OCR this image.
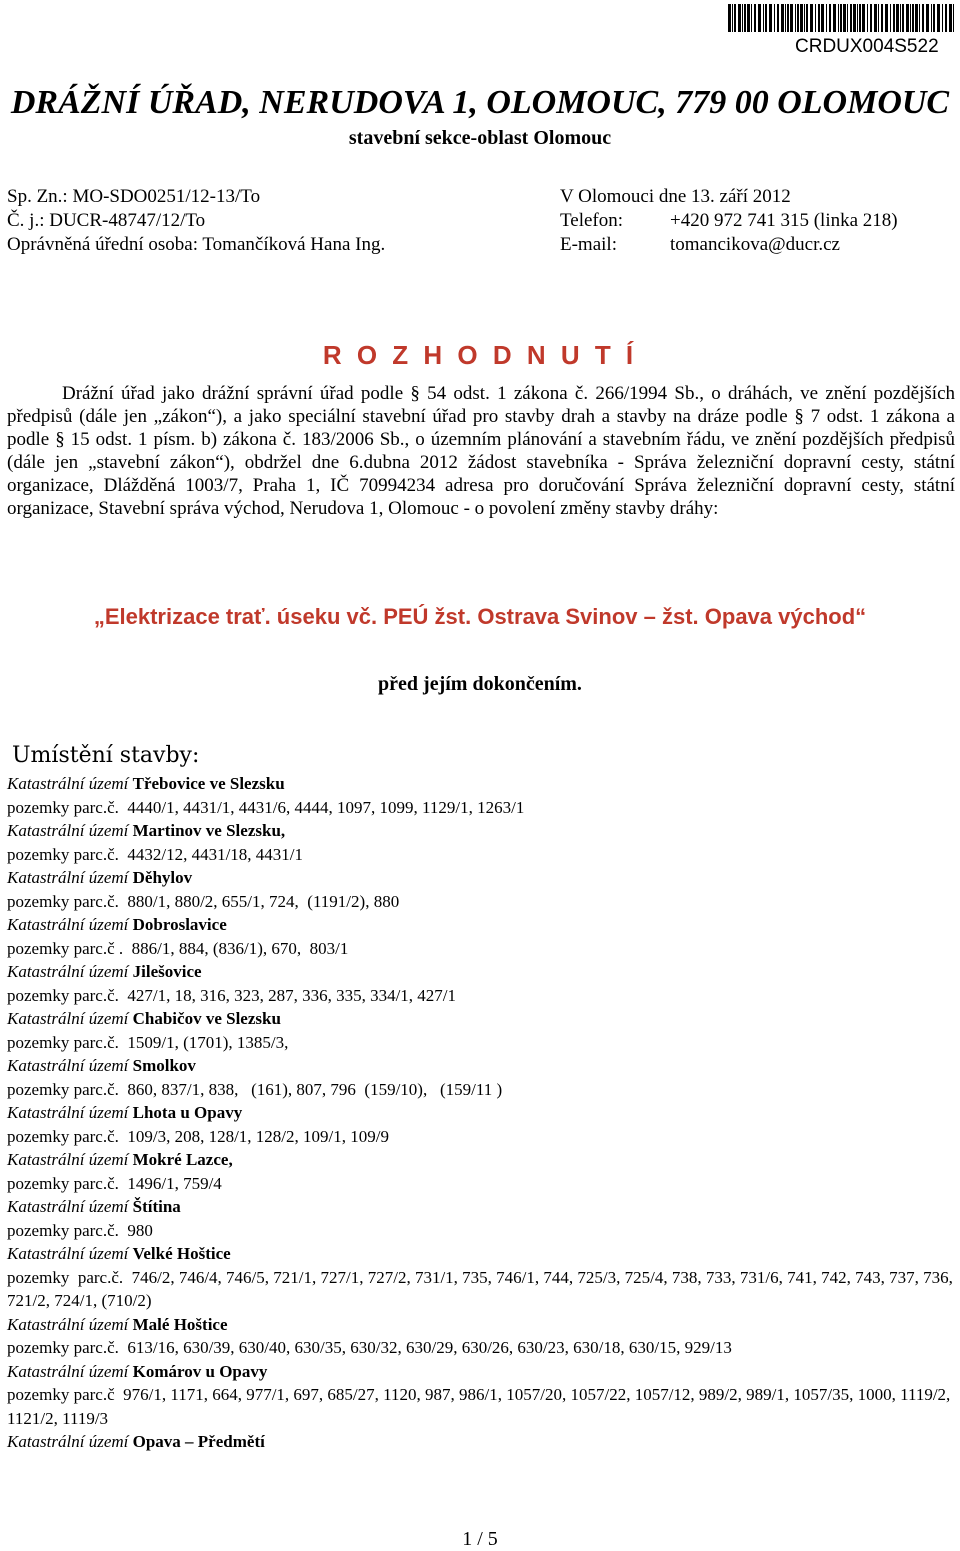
CRDUX004S522
DRÁŽNÍ ÚŘAD, NERUDOVA 1, OLOMOUC, 779 00 OLOMOUC
stavební sekce-oblast Olomouc
Sp. Zn.: MO-SDO0251/12-13/To
Č. j.: DUCR-48747/12/To
Oprávněná úřední osoba: Tomančíková Hana Ing.
V Olomouci dne 13. září 2012
Telefon: +420 972 741 315 (linka 218)
E-mail:	tomancikova@ducr.cz
R O Z H O D N U T Í
Drážní úřad jako drážní správní úřad podle § 54 odst. 1 zákona č. 266/1994 Sb., o dráhách, ve znění pozdějších předpisů (dále jen „zákon“), a jako speciální stavební úřad pro stavby drah a stavby na dráze podle § 7 odst. 1 zákona a podle § 15 odst. 1 písm. b) zákona č. 183/2006 Sb., o územním plánování a stavebním řádu, ve znění pozdějších předpisů (dále jen „stavební zákon“), obdržel dne 6.dubna 2012 žádost stavebníka - Správa železniční dopravní cesty, státní organizace, Dlážděná 1003/7, Praha 1, IČ 70994234 adresa pro doručování Správa železniční dopravní cesty, státní organizace, Stavební správa východ, Nerudova 1, Olomouc - o povolení změny stavby dráhy:
„Elektrizace trať. úseku vč. PEÚ žst. Ostrava Svinov – žst. Opava východ“
před jejím dokončením.
Umístění stavby:
Katastrální území Třebovice ve Slezsku
pozemky parc.č.  4440/1, 4431/1, 4431/6, 4444, 1097, 1099, 1129/1, 1263/1
Katastrální území Martinov ve Slezsku,
pozemky parc.č.  4432/12, 4431/18, 4431/1
Katastrální území Děhylov
pozemky parc.č.  880/1, 880/2, 655/1, 724,  (1191/2), 880
Katastrální území Dobroslavice
pozemky parc.č .  886/1, 884, (836/1), 670,  803/1
Katastrální území Jilešovice
pozemky parc.č.  427/1, 18, 316, 323, 287, 336, 335, 334/1, 427/1
Katastrální území Chabičov ve Slezsku
pozemky parc.č.  1509/1, (1701), 1385/3,
Katastrální území Smolkov
pozemky parc.č.  860, 837/1, 838,   (161), 807, 796  (159/10),   (159/11 )
Katastrální území Lhota u Opavy
pozemky parc.č.  109/3, 208, 128/1, 128/2, 109/1, 109/9
Katastrální území Mokré Lazce,
pozemky parc.č.  1496/1, 759/4
Katastrální území Štítina
pozemky parc.č.  980
Katastrální území Velké Hoštice
pozemky  parc.č.  746/2, 746/4, 746/5, 721/1, 727/1, 727/2, 731/1, 735, 746/1, 744, 725/3, 725/4, 738, 733, 731/6, 741, 742, 743, 737, 736, 721/2, 724/1, (710/2)
Katastrální území Malé Hoštice
pozemky parc.č.  613/16, 630/39, 630/40, 630/35, 630/32, 630/29, 630/26, 630/23, 630/18, 630/15, 929/13
Katastrální území Komárov u Opavy
pozemky parc.č  976/1, 1171, 664, 977/1, 697, 685/27, 1120, 987, 986/1, 1057/20, 1057/22, 1057/12, 989/2, 989/1, 1057/35, 1000, 1119/2, 1121/2, 1119/3
Katastrální území Opava – Předmětí
1 / 5
